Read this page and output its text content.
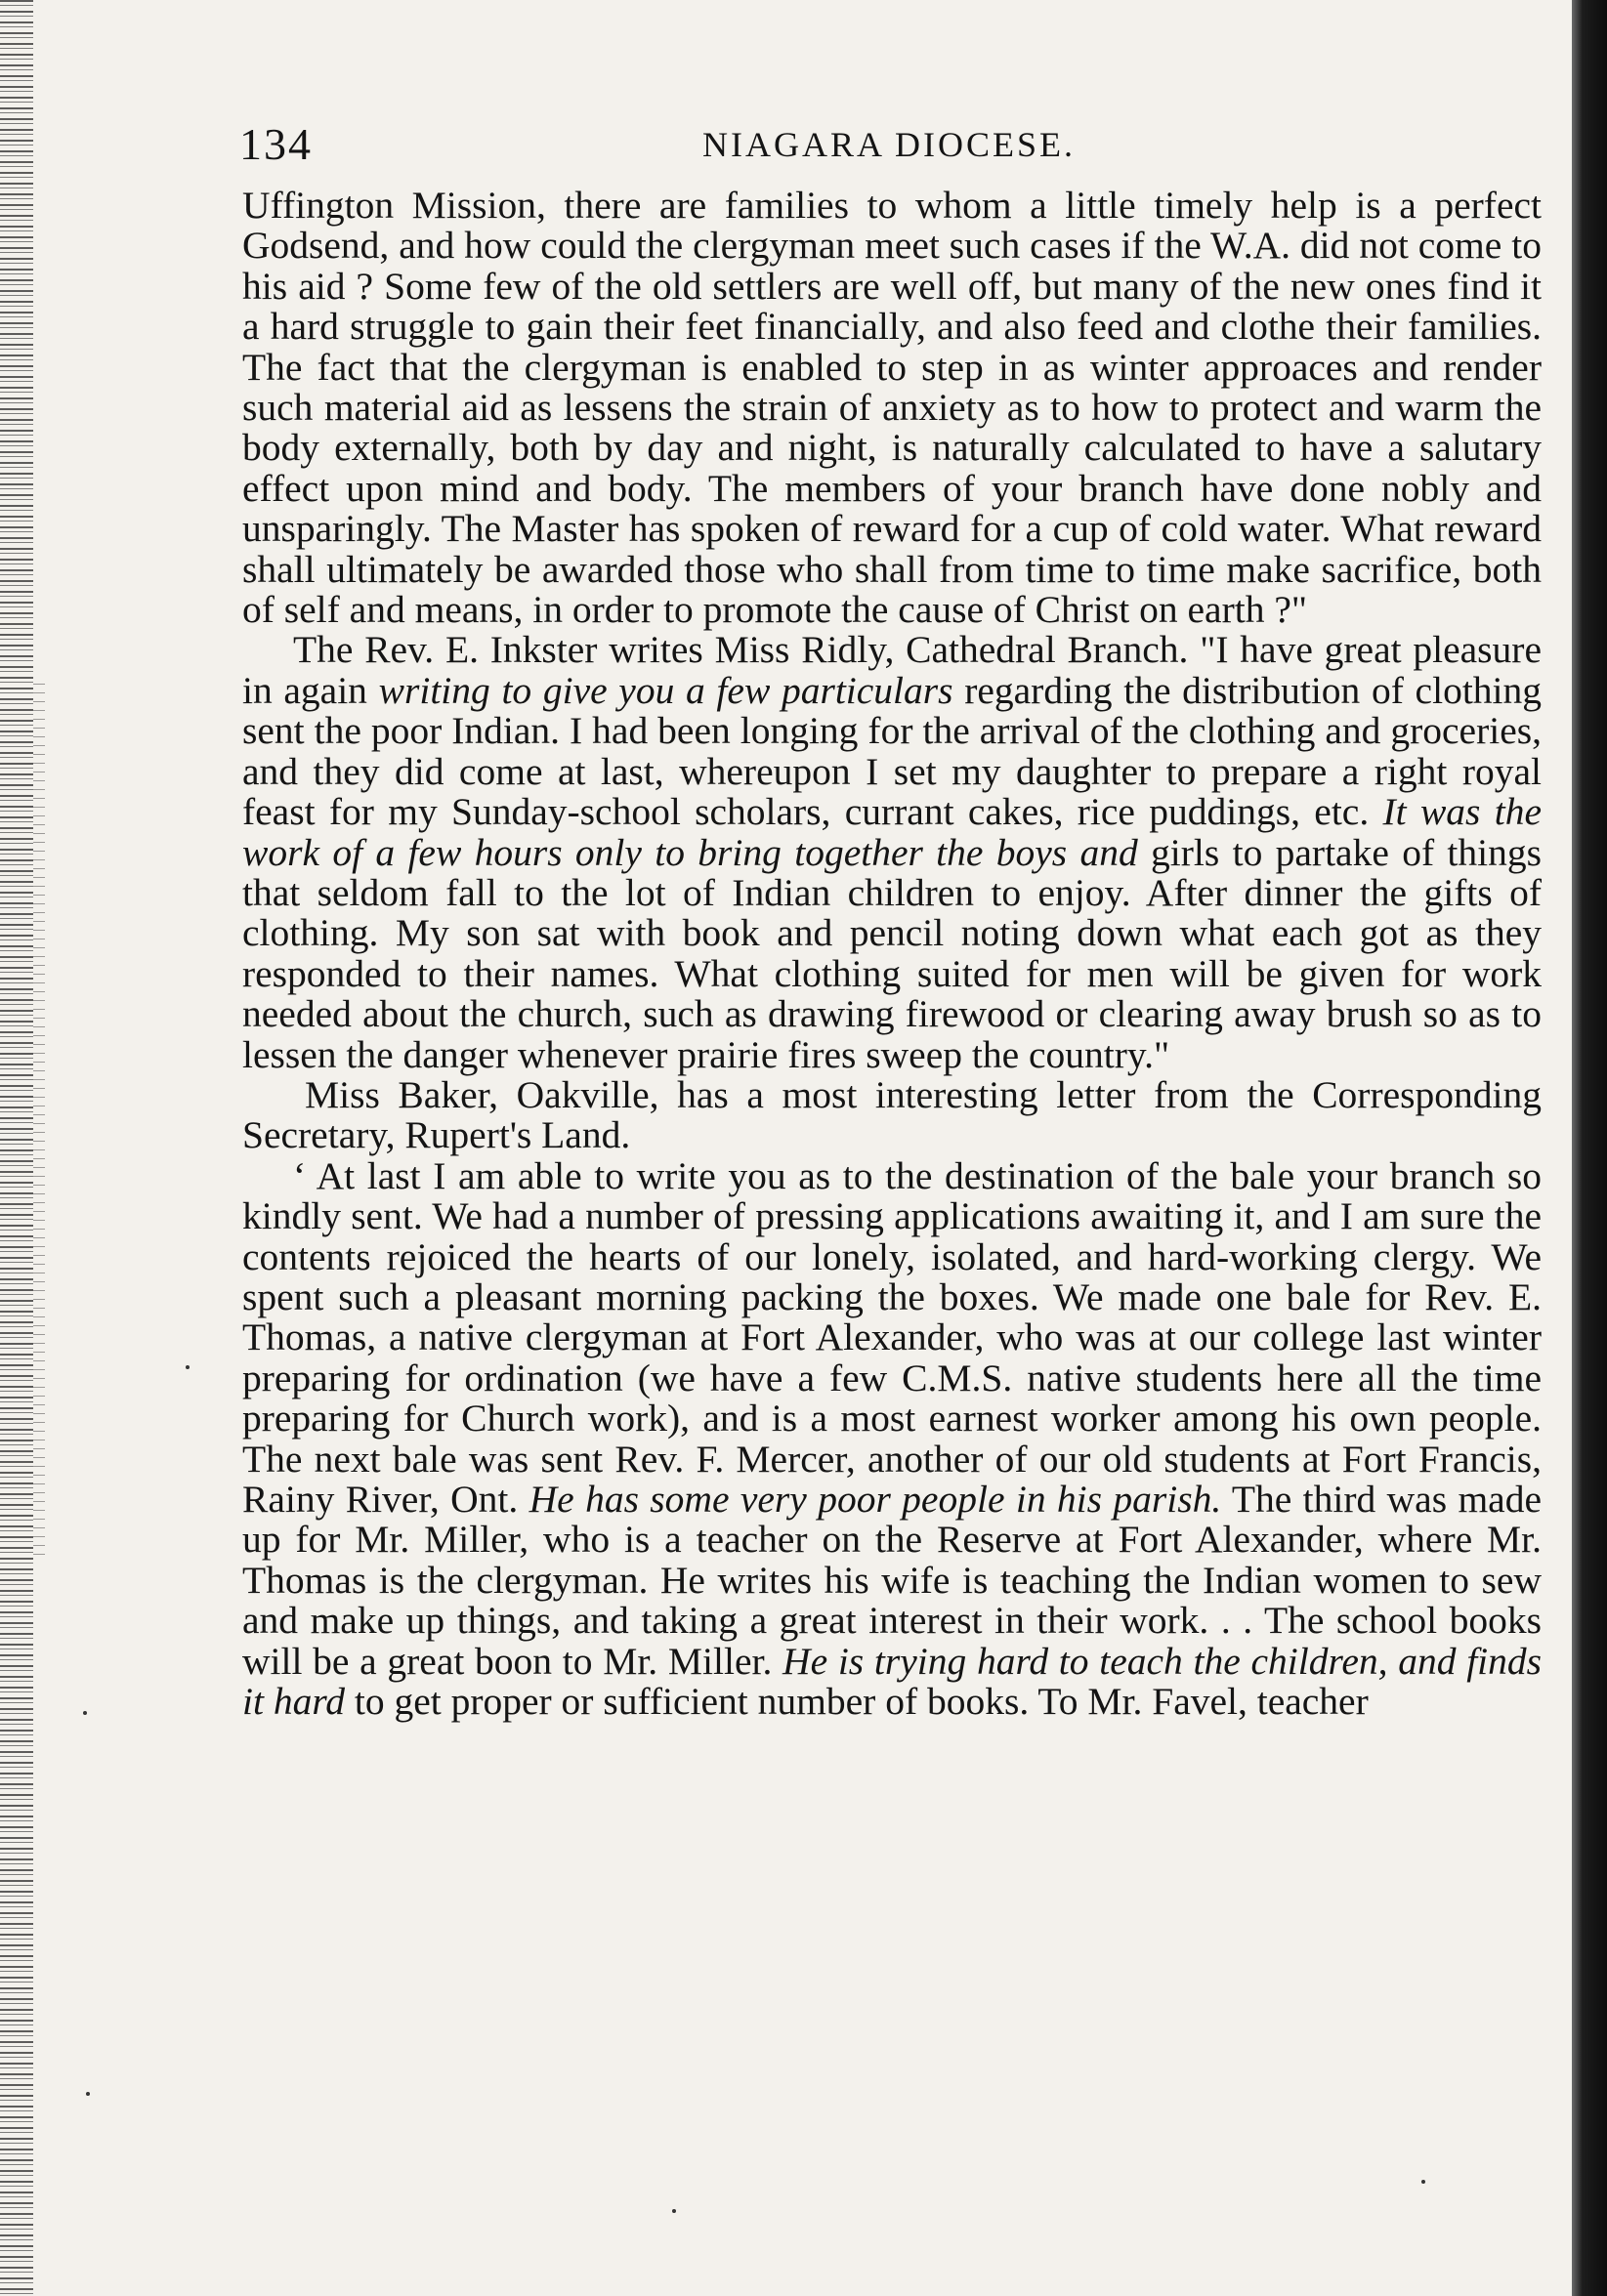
134	NIAGARA DIOCESE.

Uffington Mission, there are families to whom a little timely help is a perfect Godsend, and how could the clergyman meet such cases if the W.A. did not come to his aid ? Some few of the old settlers are well off, but many of the new ones find it a hard struggle to gain their feet financially, and also feed and clothe their families. The fact that the clergyman is enabled to step in as winter approaces and render such material aid as lessens the strain of anxiety as to how to protect and warm the body externally, both by day and night, is naturally calculated to have a salutary effect upon mind and body. The members of your branch have done nobly and unsparingly. The Master has spoken of reward for a cup of cold water. What reward shall ultimately be awarded those who shall from time to time make sacrifice, both of self and means, in order to promote the cause of Christ on earth ?"

The Rev. E. Inkster writes Miss Ridly, Cathedral Branch. "I have great pleasure in again writing to give you a few particulars regarding the distribution of clothing sent the poor Indian. I had been longing for the arrival of the clothing and groceries, and they did come at last, whereupon I set my daughter to prepare a right royal feast for my Sunday-school scholars, currant cakes, rice puddings, etc. It was the work of a few hours only to bring together the boys and girls to partake of things that seldom fall to the lot of Indian children to enjoy. After dinner the gifts of clothing. My son sat with book and pencil noting down what each got as they responded to their names. What clothing suited for men will be given for work needed about the church, such as drawing firewood or clearing away brush so as to lessen the danger whenever prairie fires sweep the country."

Miss Baker, Oakville, has a most interesting letter from the Corresponding Secretary, Rupert's Land.

‘ At last I am able to write you as to the destination of the bale your branch so kindly sent. We had a number of pressing applications awaiting it, and I am sure the contents rejoiced the hearts of our lonely, isolated, and hard-working clergy. We spent such a pleasant morning packing the boxes. We made one bale for Rev. E. Thomas, a native clergyman at Fort Alexander, who was at our college last winter preparing for ordination (we have a few C.M.S. native students here all the time preparing for Church work), and is a most earnest worker among his own people. The next bale was sent Rev. F. Mercer, another of our old students at Fort Francis, Rainy River, Ont. He has some very poor people in his parish. The third was made up for Mr. Miller, who is a teacher on the Reserve at Fort Alexander, where Mr. Thomas is the clergyman. He writes his wife is teaching the Indian women to sew and make up things, and taking a great interest in their work. . . The school books will be a great boon to Mr. Miller. He is trying hard to teach the children, and finds it hard to get proper or sufficient number of books. To Mr. Favel, teacher
